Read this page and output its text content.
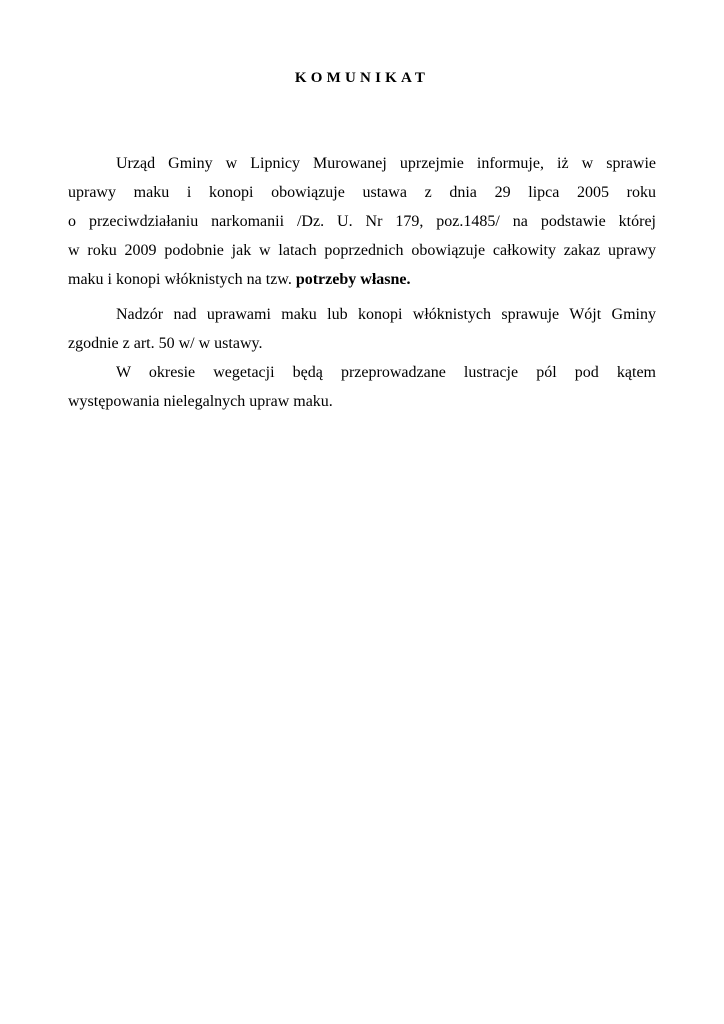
KOMUNIKAT
Urząd Gminy w Lipnicy Murowanej uprzejmie informuje, iż w sprawie
uprawy maku i konopi obowiązuje ustawa z dnia 29 lipca 2005 roku
o przeciwdziałaniu narkomanii /Dz. U. Nr 179, poz.1485/ na podstawie której
w roku 2009 podobnie jak w latach poprzednich obowiązuje całkowity zakaz uprawy
maku i konopi włóknistych na tzw. potrzeby własne.
Nadzór nad uprawami maku lub konopi włóknistych sprawuje Wójt Gminy
zgodnie z art. 50 w/ w ustawy.
W okresie wegetacji będą przeprowadzane lustracje pól pod kątem
występowania nielegalnych upraw maku.
